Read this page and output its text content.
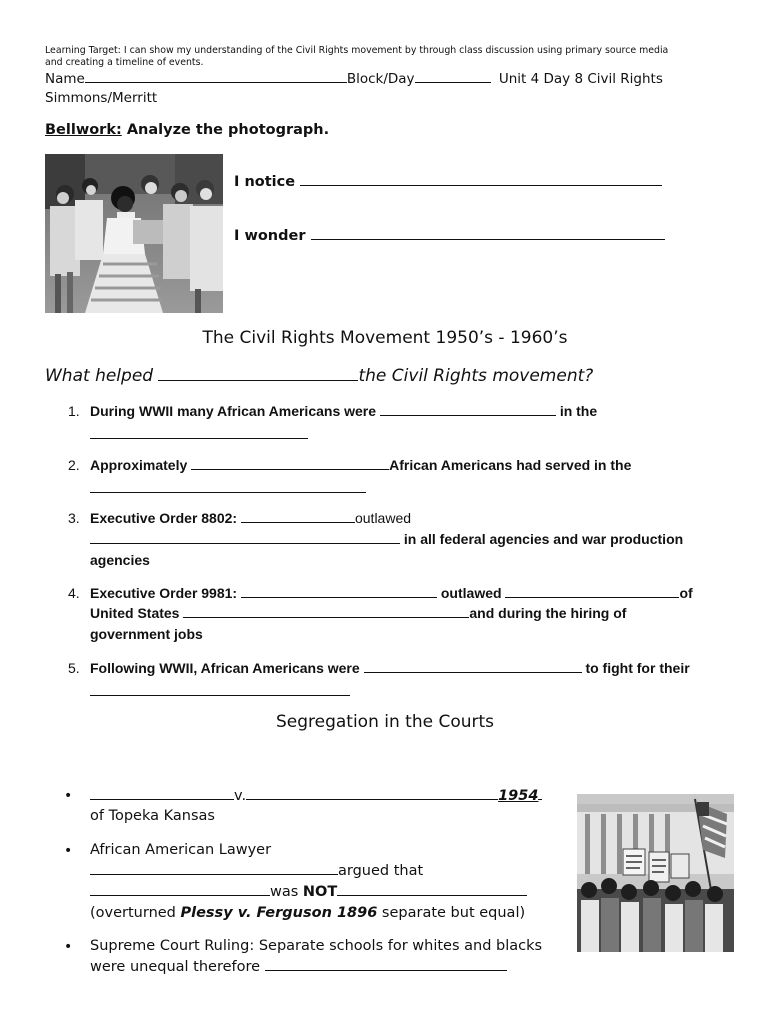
Learning Target: I can show my understanding of the Civil Rights movement by through class discussion using primary source media
and creating a timeline of events.
Name	Block/Day	Unit 4 Day 8 Civil Rights
Simmons/Merritt
Bellwork: Analyze the photograph.
I notice
I wonder
The Civil Rights Movement 1950’s - 1960’s
What helped	the Civil Rights movement?
1. During WWII many African Americans were	in the
2. Approximately	African Americans had served in the
3. Executive Order 8802:	outlawed
in all federal agencies and war production
agencies
4. Executive Order 9981:	outlawed	of
United States	and during the hiring of
government jobs
5. Following WWII, African Americans were	to fight for their
Segregation in the Courts
•	v.	1954
of Topeka Kansas
• African American Lawyer
argued that
was NOT
(overturned Plessy v. Ferguson 1896 separate but equal)
• Supreme Court Ruling: Separate schools for whites and blacks
were unequal therefore
